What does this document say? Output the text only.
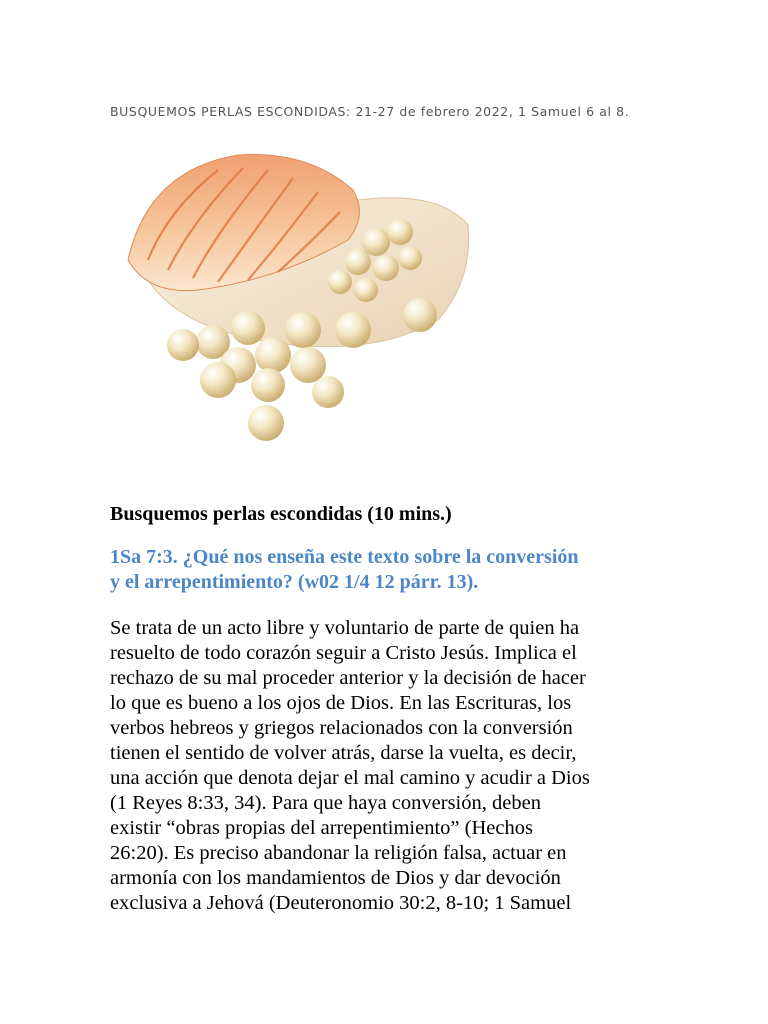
BUSQUEMOS PERLAS ESCONDIDAS: 21-27 de febrero 2022, 1 Samuel 6 al 8.
Busquemos perlas escondidas (10 mins.)

1Sa 7:3. ¿Qué nos enseña este texto sobre la conversión
y el arrepentimiento? (w02 1/4 12 párr. 13).

Se trata de un acto libre y voluntario de parte de quien ha
resuelto de todo corazón seguir a Cristo Jesús. Implica el
rechazo de su mal proceder anterior y la decisión de hacer
lo que es bueno a los ojos de Dios. En las Escrituras, los
verbos hebreos y griegos relacionados con la conversión
tienen el sentido de volver atrás, darse la vuelta, es decir,
una acción que denota dejar el mal camino y acudir a Dios
(1 Reyes 8:33, 34). Para que haya conversión, deben
existir “obras propias del arrepentimiento” (Hechos
26:20). Es preciso abandonar la religión falsa, actuar en
armonía con los mandamientos de Dios y dar devoción
exclusiva a Jehová (Deuteronomio 30:2, 8-10; 1 Samuel
